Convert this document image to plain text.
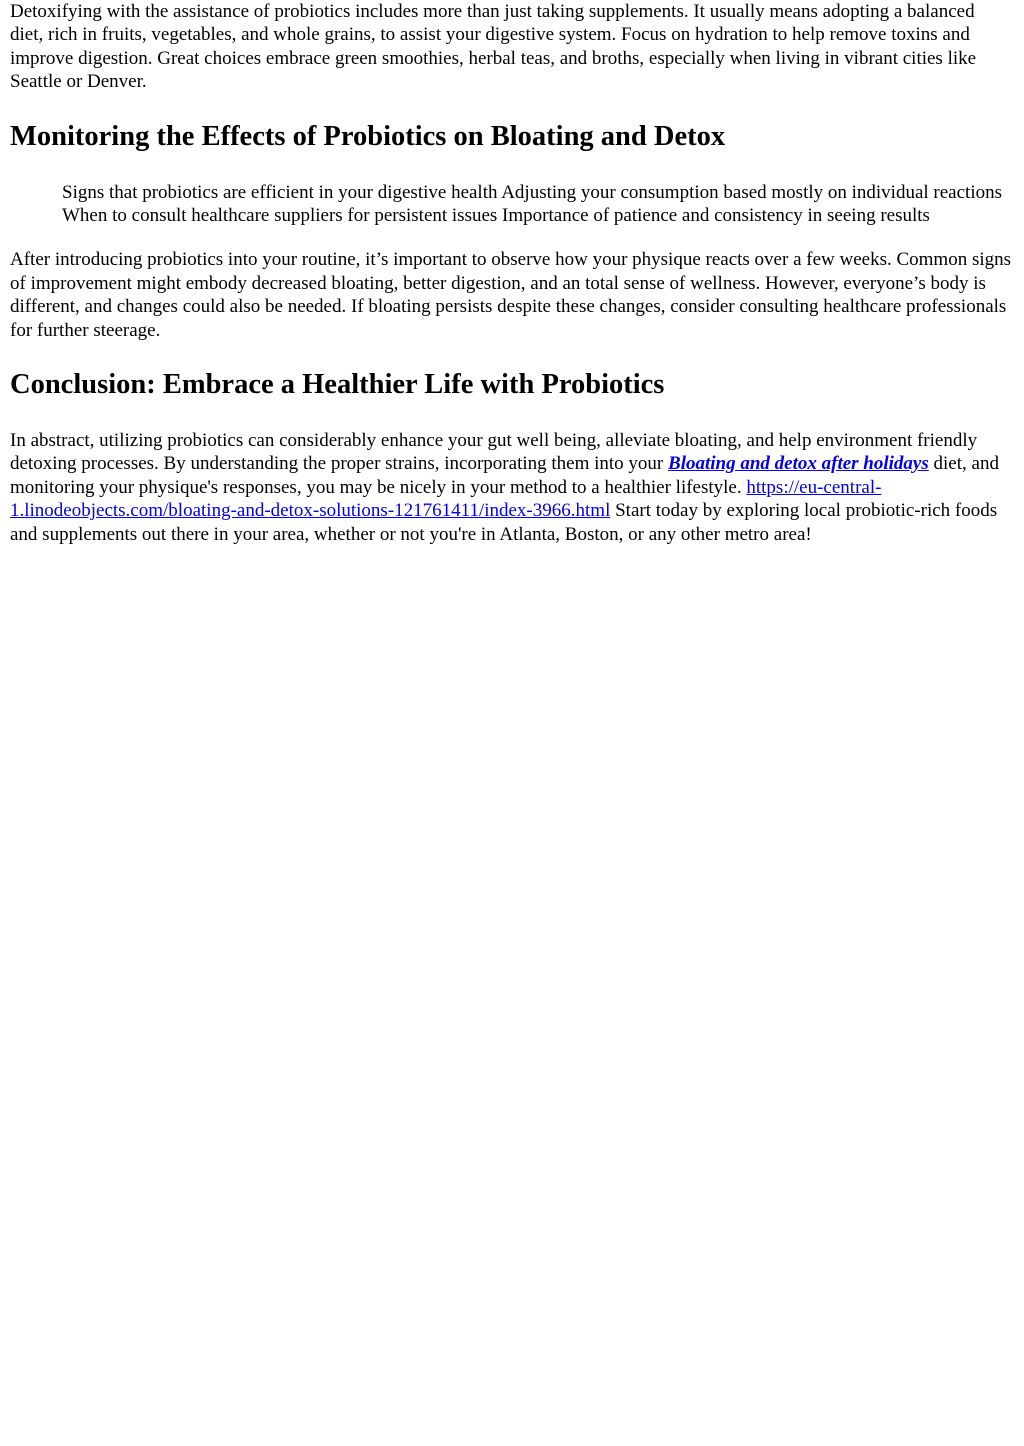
Detoxifying with the assistance of probiotics includes more than just taking supplements. It usually means adopting a balanced diet, rich in fruits, vegetables, and whole grains, to assist your digestive system. Focus on hydration to help remove toxins and improve digestion. Great choices embrace green smoothies, herbal teas, and broths, especially when living in vibrant cities like Seattle or Denver.

Monitoring the Effects of Probiotics on Bloating and Detox
Signs that probiotics are efficient in your digestive health Adjusting your consumption based mostly on individual reactions When to consult healthcare suppliers for persistent issues Importance of patience and consistency in seeing results

After introducing probiotics into your routine, it’s important to observe how your physique reacts over a few weeks. Common signs of improvement might embody decreased bloating, better digestion, and an total sense of wellness. However, everyone’s body is different, and changes could also be needed. If bloating persists despite these changes, consider consulting healthcare professionals for further steerage.

Conclusion: Embrace a Healthier Life with Probiotics

In abstract, utilizing probiotics can considerably enhance your gut well being, alleviate bloating, and help environment friendly detoxing processes. By understanding the proper strains, incorporating them into your Bloating and detox after holidays diet, and monitoring your physique's responses, you may be nicely in your method to a healthier lifestyle. https://eu-central-1.linodeobjects.com/bloating-and-detox-solutions-121761411/index-3966.html Start today by exploring local probiotic-rich foods and supplements out there in your area, whether or not you're in Atlanta, Boston, or any other metro area!
